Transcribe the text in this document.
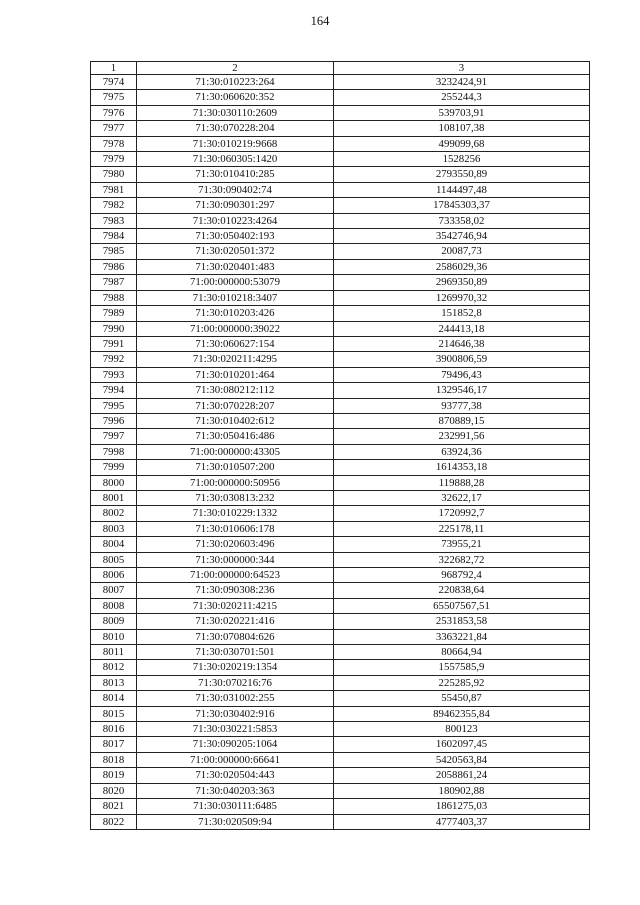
164
1	2	3
7974	71:30:010223:264	3232424,91
7975	71:30:060620:352	255244,3
7976	71:30:030110:2609	539703,91
7977	71:30:070228:204	108107,38
7978	71:30:010219:9668	499099,68
7979	71:30:060305:1420	1528256
7980	71:30:010410:285	2793550,89
7981	71:30:090402:74	1144497,48
7982	71:30:090301:297	17845303,37
7983	71:30:010223:4264	733358,02
7984	71:30:050402:193	3542746,94
7985	71:30:020501:372	20087,73
7986	71:30:020401:483	2586029,36
7987	71:00:000000:53079	2969350,89
7988	71:30:010218:3407	1269970,32
7989	71:30:010203:426	151852,8
7990	71:00:000000:39022	244413,18
7991	71:30:060627:154	214646,38
7992	71:30:020211:4295	3900806,59
7993	71:30:010201:464	79496,43
7994	71:30:080212:112	1329546,17
7995	71:30:070228:207	93777,38
7996	71:30:010402:612	870889,15
7997	71:30:050416:486	232991,56
7998	71:00:000000:43305	63924,36
7999	71:30:010507:200	1614353,18
8000	71:00:000000:50956	119888,28
8001	71:30:030813:232	32622,17
8002	71:30:010229:1332	1720992,7
8003	71:30:010606:178	225178,11
8004	71:30:020603:496	73955,21
8005	71:30:000000:344	322682,72
8006	71:00:000000:64523	968792,4
8007	71:30:090308:236	220838,64
8008	71:30:020211:4215	65507567,51
8009	71:30:020221:416	2531853,58
8010	71:30:070804:626	3363221,84
8011	71:30:030701:501	80664,94
8012	71:30:020219:1354	1557585,9
8013	71:30:070216:76	225285,92
8014	71:30:031002:255	55450,87
8015	71:30:030402:916	89462355,84
8016	71:30:030221:5853	800123
8017	71:30:090205:1064	1602097,45
8018	71:00:000000:66641	5420563,84
8019	71:30:020504:443	2058861,24
8020	71:30:040203:363	180902,88
8021	71:30:030111:6485	1861275,03
8022	71:30:020509:94	4777403,37
